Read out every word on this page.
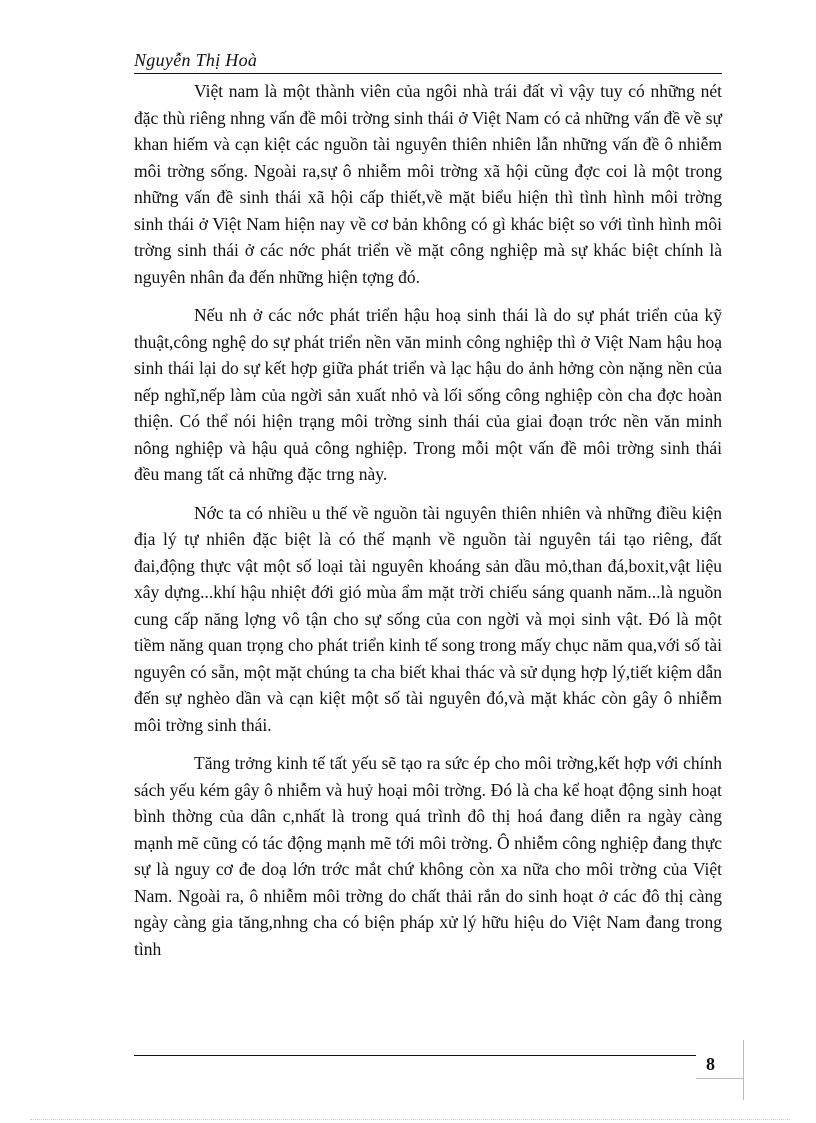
Nguyễn Thị Hoà

Việt nam là một thành viên của ngôi nhà trái đất vì vậy tuy có những nét đặc thù riêng nhng vấn đề môi trờng sinh thái ở Việt Nam có cả những vấn đề về sự khan hiếm và cạn kiệt các nguồn tài nguyên thiên nhiên lẫn những vấn đề ô nhiễm môi trờng sống. Ngoài ra,sự ô nhiễm môi trờng xã hội cũng đợc coi là một trong những vấn đề sinh thái xã hội cấp thiết,về mặt biểu hiện thì tình hình môi trờng sinh thái ở Việt Nam hiện nay về cơ bản không có gì khác biệt so với tình hình môi trờng sinh thái ở các nớc phát triển về mặt công nghiệp mà sự khác biệt chính là nguyên nhân đa đến những hiện tợng đó.

Nếu nh ở các nớc phát triển hậu hoạ sinh thái là do sự phát triển của kỹ thuật,công nghệ do sự phát triển nền văn minh công nghiệp thì ở Việt Nam hậu hoạ sinh thái lại do sự kết hợp giữa phát triển và lạc hậu do ảnh hởng còn nặng nền của nếp nghĩ,nếp làm của ngời sản xuất nhỏ và lối sống công nghiệp còn cha đợc hoàn thiện. Có thể nói hiện trạng môi trờng sinh thái của giai đoạn trớc nền văn minh nông nghiệp và hậu quả công nghiệp. Trong mỗi một vấn đề môi trờng sinh thái đều mang tất cả những đặc trng này.

Nớc ta có nhiều u thế về nguồn tài nguyên thiên nhiên và những điều kiện địa lý tự nhiên đặc biệt là có thế mạnh về nguồn tài nguyên tái tạo riêng, đất đai,động thực vật một số loại tài nguyên khoáng sản dầu mỏ,than đá,boxit,vật liệu xây dựng...khí hậu nhiệt đới gió mùa ẩm mặt trời chiếu sáng quanh năm...là nguồn cung cấp năng lợng vô tận cho sự sống của con ngời và mọi sinh vật. Đó là một tiềm năng quan trọng cho phát triển kinh tế song trong mấy chục năm qua,với số tài nguyên có sẵn, một mặt chúng ta cha biết khai thác và sử dụng hợp lý,tiết kiệm dẫn đến sự nghèo dần và cạn kiệt một số tài nguyên đó,và mặt khác còn gây ô nhiễm môi trờng sinh thái.

Tăng trởng kinh tế tất yếu sẽ tạo ra sức ép cho môi trờng,kết hợp với chính sách yếu kém gây ô nhiễm và huỷ hoại môi trờng. Đó là cha kể hoạt động sinh hoạt bình thờng của dân c,nhất là trong quá trình đô thị hoá đang diễn ra ngày càng mạnh mẽ cũng có tác động mạnh mẽ tới môi trờng. Ô nhiễm công nghiệp đang thực sự là nguy cơ đe doạ lớn trớc mắt chứ không còn xa nữa cho môi trờng của Việt Nam. Ngoài ra, ô nhiễm môi trờng do chất thải rắn do sinh hoạt ở các đô thị càng ngày càng gia tăng,nhng cha có biện pháp xử lý hữu hiệu do Việt Nam đang trong tình

8
